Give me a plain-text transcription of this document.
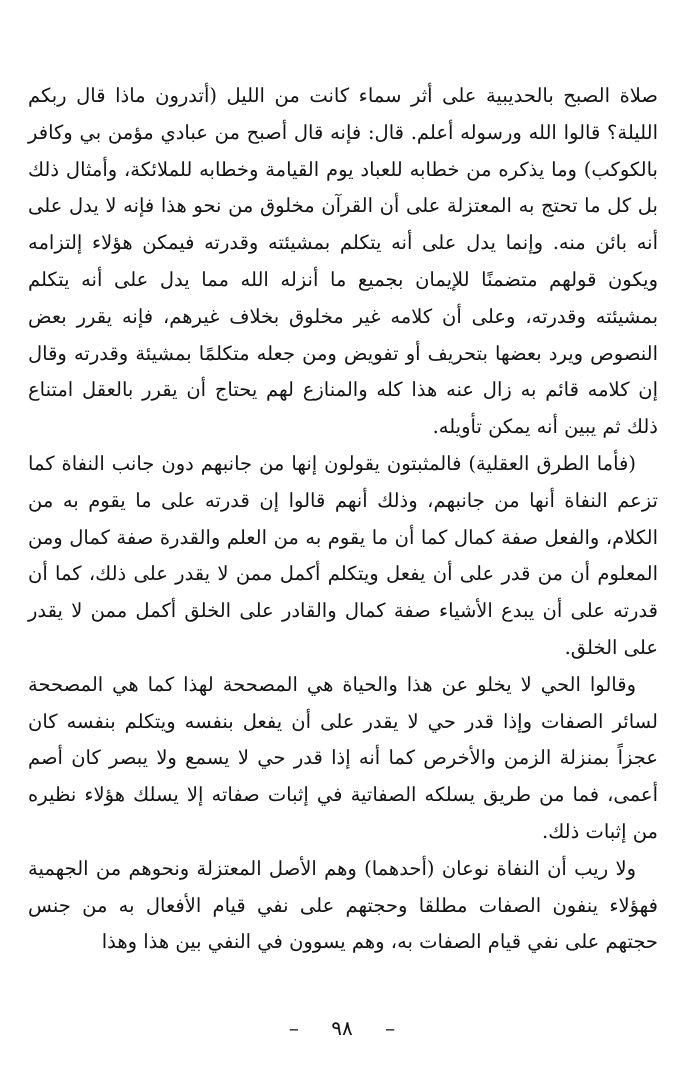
صلاة الصبح بالحديبية على أثر سماء كانت من الليل (أتدرون ماذا قال ربكم الليلة؟ قالوا الله ورسوله أعلم. قال: فإنه قال أصبح من عبادي مؤمن بي وكافر بالكوكب) وما يذكره من خطابه للعباد يوم القيامة وخطابه للملائكة، وأمثال ذلك بل كل ما تحتج به المعتزلة على أن القرآن مخلوق من نحو هذا فإنه لا يدل على أنه بائن منه. وإنما يدل على أنه يتكلم بمشيئته وقدرته فيمكن هؤلاء إلتزامه ويكون قولهم متضمنًا للإيمان بجميع ما أنزله الله مما يدل على أنه يتكلم بمشيئته وقدرته، وعلى أن كلامه غير مخلوق بخلاف غيرهم، فإنه يقرر بعض النصوص ويرد بعضها بتحريف أو تفويض ومن جعله متكلمًا بمشيئة وقدرته وقال إن كلامه قائم به زال عنه هذا كله والمنازع لهم يحتاج أن يقرر بالعقل امتناع ذلك ثم يبين أنه يمكن تأويله.

(فأما الطرق العقلية) فالمثبتون يقولون إنها من جانبهم دون جانب النفاة كما تزعم النفاة أنها من جانبهم، وذلك أنهم قالوا إن قدرته على ما يقوم به من الكلام، والفعل صفة كمال كما أن ما يقوم به من العلم والقدرة صفة كمال ومن المعلوم أن من قدر على أن يفعل ويتكلم أكمل ممن لا يقدر على ذلك، كما أن قدرته على أن يبدع الأشياء صفة كمال والقادر على الخلق أكمل ممن لا يقدر على الخلق.

وقالوا الحي لا يخلو عن هذا والحياة هي المصححة لهذا كما هي المصححة لسائر الصفات وإذا قدر حي لا يقدر على أن يفعل بنفسه ويتكلم بنفسه كان عجزاً بمنزلة الزمن والأخرص كما أنه إذا قدر حي لا يسمع ولا يبصر كان أصم أعمى، فما من طريق يسلكه الصفاتية في إثبات صفاته إلا يسلك هؤلاء نظيره من إثبات ذلك.

ولا ريب أن النفاة نوعان (أحدهما) وهم الأصل المعتزلة ونحوهم من الجهمية فهؤلاء ينفون الصفات مطلقا وحجتهم على نفي قيام الأفعال به من جنس حجتهم على نفي قيام الصفات به، وهم يسوون في النفي بين هذا وهذا

– ٩٨ –
